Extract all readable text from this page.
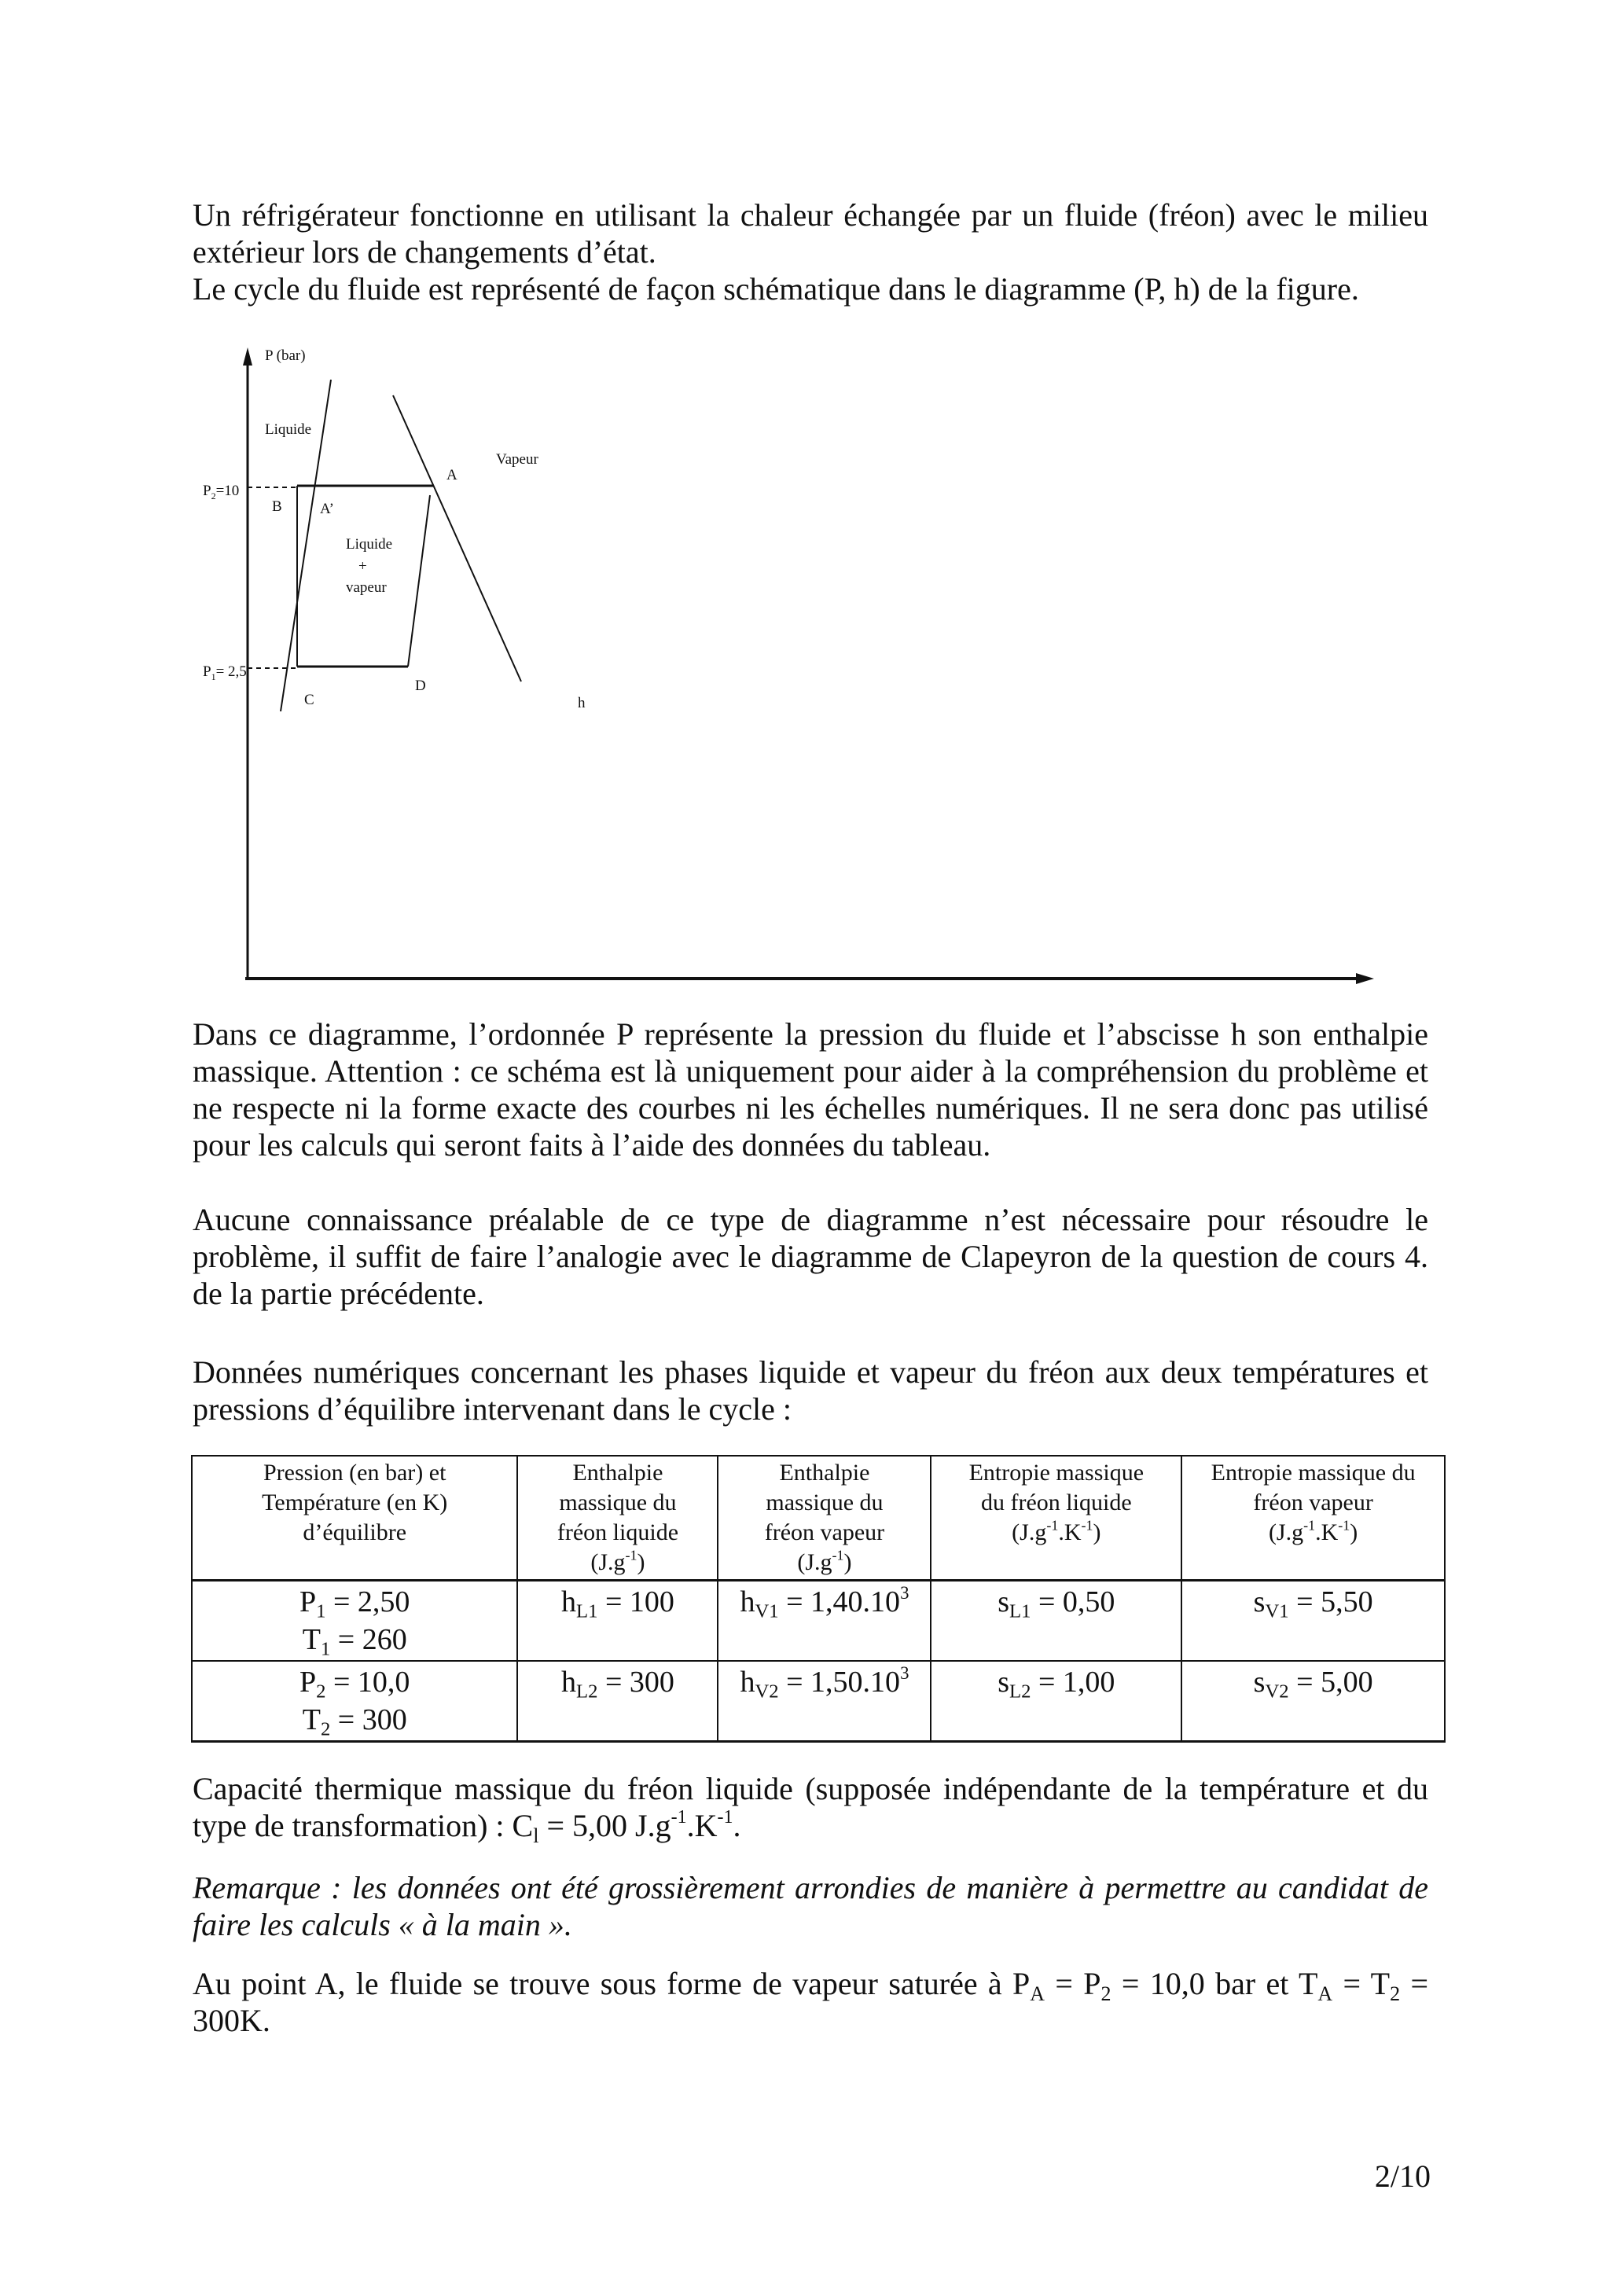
Un réfrigérateur fonctionne en utilisant la chaleur échangée par un fluide (fréon) avec le milieu extérieur lors de changements d’état.
Le cycle du fluide est représenté de façon schématique dans le diagramme (P, h) de la figure.

P (bar)
h
$P_2=10$
$P_1= 2,5$
Liquide
Vapeur
Liquide
+
vapeur
A
A’
B
C
D

Dans ce diagramme, l’ordonnée P représente la pression du fluide et l’abscisse h son enthalpie massique. Attention : ce schéma est là uniquement pour aider à la compréhension du problème et ne respecte ni la forme exacte des courbes ni les échelles numériques. Il ne sera donc pas utilisé pour les calculs qui seront faits à l’aide des données du tableau.

Aucune connaissance préalable de ce type de diagramme n’est nécessaire pour résoudre le problème, il suffit de faire l’analogie avec le diagramme de Clapeyron de la question de cours 4. de la partie précédente.

Données numériques concernant les phases liquide et vapeur du fréon aux deux températures et pressions d’équilibre intervenant dans le cycle :

Pression (en bar) et
Température (en K)
d’équilibre	Enthalpie
massique du
fréon liquide
$(J.g^{-1})$	Enthalpie
massique du
fréon vapeur
$(J.g^{-1})$	Entropie massique
du fréon liquide
$(J.g^{-1}.K^{-1})$	Entropie massique du
fréon vapeur
$(J.g^{-1}.K^{-1})$
$P_1 = 2,50$
$T_1 = 260$	$h_{L1} = 100$	$h_{V1} = 1,40.10^3$	$s_{L1} = 0,50$	$s_{V1} = 5,50$
$P_2 = 10,0$
$T_2 = 300$	$h_{L2} = 300$	$h_{V2} = 1,50.10^3$	$s_{L2} = 1,00$	$s_{V2} = 5,00$

Capacité thermique massique du fréon liquide (supposée indépendante de la température et du type de transformation) : $C_l = 5,00$ $J.g^{-1}.K^{-1}$.

Remarque : les données ont été grossièrement arrondies de manière à permettre au candidat de faire les calculs « à la main ».

Au point A, le fluide se trouve sous forme de vapeur saturée à $P_A = P_2 = 10,0$ bar et $T_A = T_2 = 300K$.

2/10
